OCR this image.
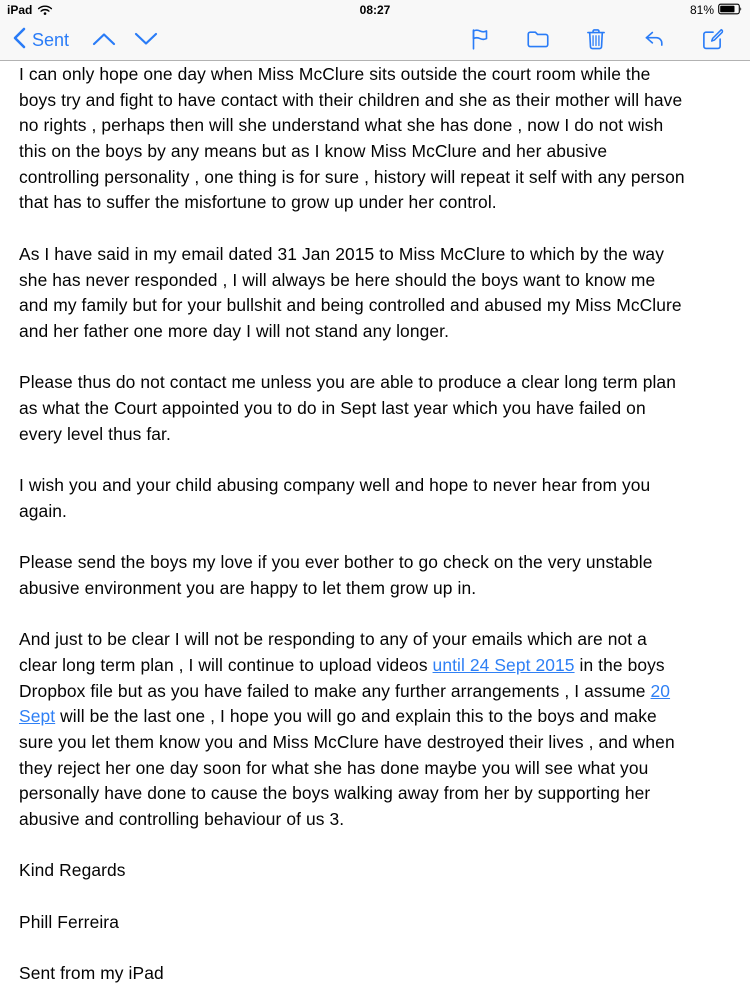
iPad	08:27	81%
Sent
I can only hope one day when Miss McClure sits outside the court room while the
boys try and fight to have contact with their children and she as their mother will have
no rights , perhaps then will she understand what she has done , now I do not wish
this on the boys by any means but as I know Miss McClure and her abusive
controlling personality , one thing is for sure , history will repeat it self with any person
that has to suffer the misfortune to grow up under her control.

As I have said in my email dated 31 Jan 2015 to Miss McClure to which by the way
she has never responded , I will always be here should the boys want to know me
and my family but for your bullshit and being controlled and abused my Miss McClure
and her father one more day I will not stand any longer.

Please thus do not contact me unless you are able to produce a clear long term plan
as what the Court appointed you to do in Sept last year which you have failed on
every level thus far.

I wish you and your child abusing company well and hope to never hear from you
again.

Please send the boys my love if you ever bother to go check on the very unstable
abusive environment you are happy to let them grow up in.

And just to be clear I will not be responding to any of your emails which are not a
clear long term plan , I will continue to upload videos until 24 Sept 2015 in the boys
Dropbox file but as you have failed to make any further arrangements , I assume 20
Sept will be the last one , I hope you will go and explain this to the boys and make
sure you let them know you and Miss McClure have destroyed their lives , and when
they reject her one day soon for what she has done maybe you will see what you
personally have done to cause the boys walking away from her by supporting her
abusive and controlling behaviour of us 3.

Kind Regards

Phill Ferreira

Sent from my iPad
